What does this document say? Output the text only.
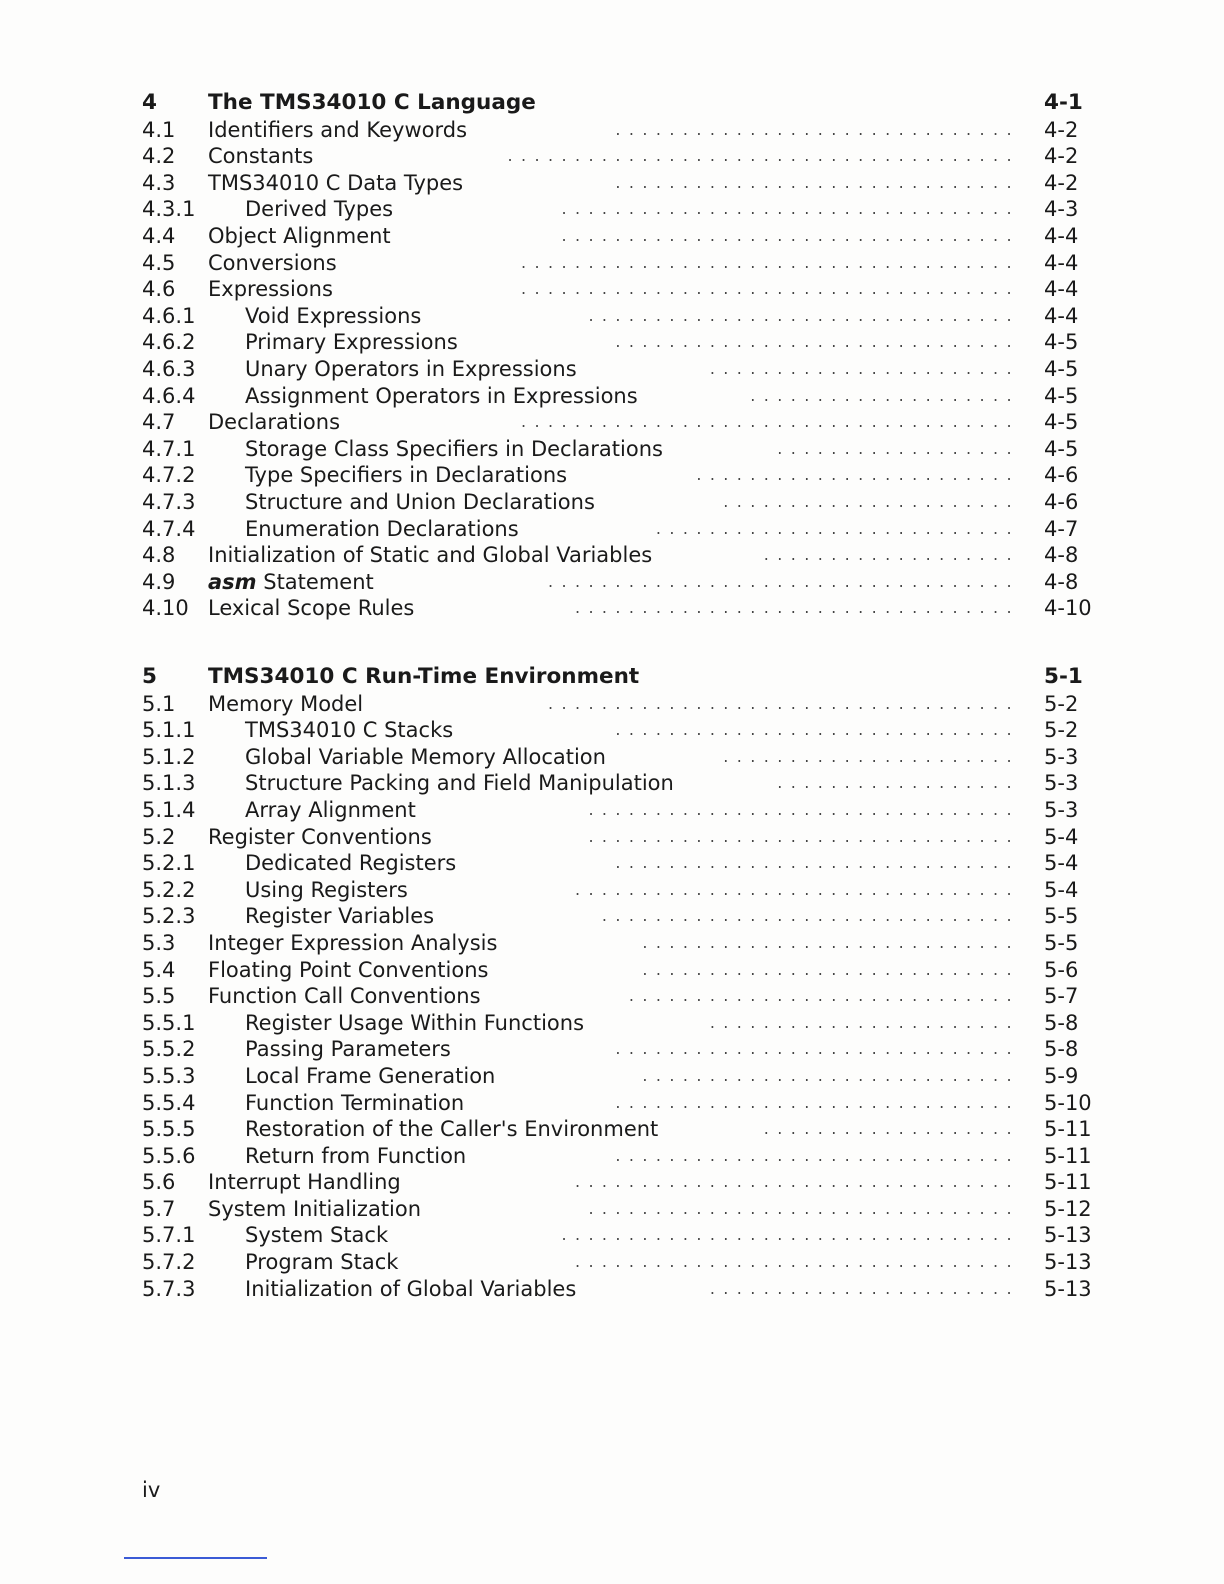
4 The TMS34010 C Language	4-1
4.1 Identifiers and Keywords	.............................. 4-2
4.2 Constants	...................................... 4-2
4.3 TMS34010 C Data Types	.............................. 4-2
4.3.1 Derived Types	.................................. 4-3
4.4 Object Alignment	.................................. 4-4
4.5 Conversions	..................................... 4-4
4.6 Expressions	..................................... 4-4
4.6.1 Void Expressions	................................ 4-4
4.6.2 Primary Expressions	.............................. 4-5
4.6.3 Unary Operators in Expressions	....................... 4-5
4.6.4 Assignment Operators in Expressions	.................... 4-5
4.7 Declarations	..................................... 4-5
4.7.1 Storage Class Specifiers in Declarations	.................. 4-5
4.7.2 Type Specifiers in Declarations	........................ 4-6
4.7.3 Structure and Union Declarations	...................... 4-6
4.7.4 Enumeration Declarations	........................... 4-7
4.8 Initialization of Static and Global Variables	................... 4-8
4.9 asm Statement	................................... 4-8
4.10 Lexical Scope Rules	................................. 4-10
5 TMS34010 C Run-Time Environment	5-1
5.1 Memory Model	................................... 5-2
5.1.1 TMS34010 C Stacks	.............................. 5-2
5.1.2 Global Variable Memory Allocation	...................... 5-3
5.1.3 Structure Packing and Field Manipulation	.................. 5-3
5.1.4 Array Alignment	................................ 5-3
5.2 Register Conventions	................................ 5-4
5.2.1 Dedicated Registers	.............................. 5-4
5.2.2 Using Registers	................................. 5-4
5.2.3 Register Variables	............................... 5-5
5.3 Integer Expression Analysis	............................ 5-5
5.4 Floating Point Conventions	............................ 5-6
5.5 Function Call Conventions	............................. 5-7
5.5.1 Register Usage Within Functions	....................... 5-8
5.5.2 Passing Parameters	.............................. 5-8
5.5.3 Local Frame Generation	............................ 5-9
5.5.4 Function Termination	.............................. 5-10
5.5.5 Restoration of the Caller's Environment	................... 5-11
5.5.6 Return from Function	.............................. 5-11
5.6 Interrupt Handling	................................. 5-11
5.7 System Initialization	................................ 5-12
5.7.1 System Stack	.................................. 5-13
5.7.2 Program Stack	................................. 5-13
5.7.3 Initialization of Global Variables	....................... 5-13
iv
